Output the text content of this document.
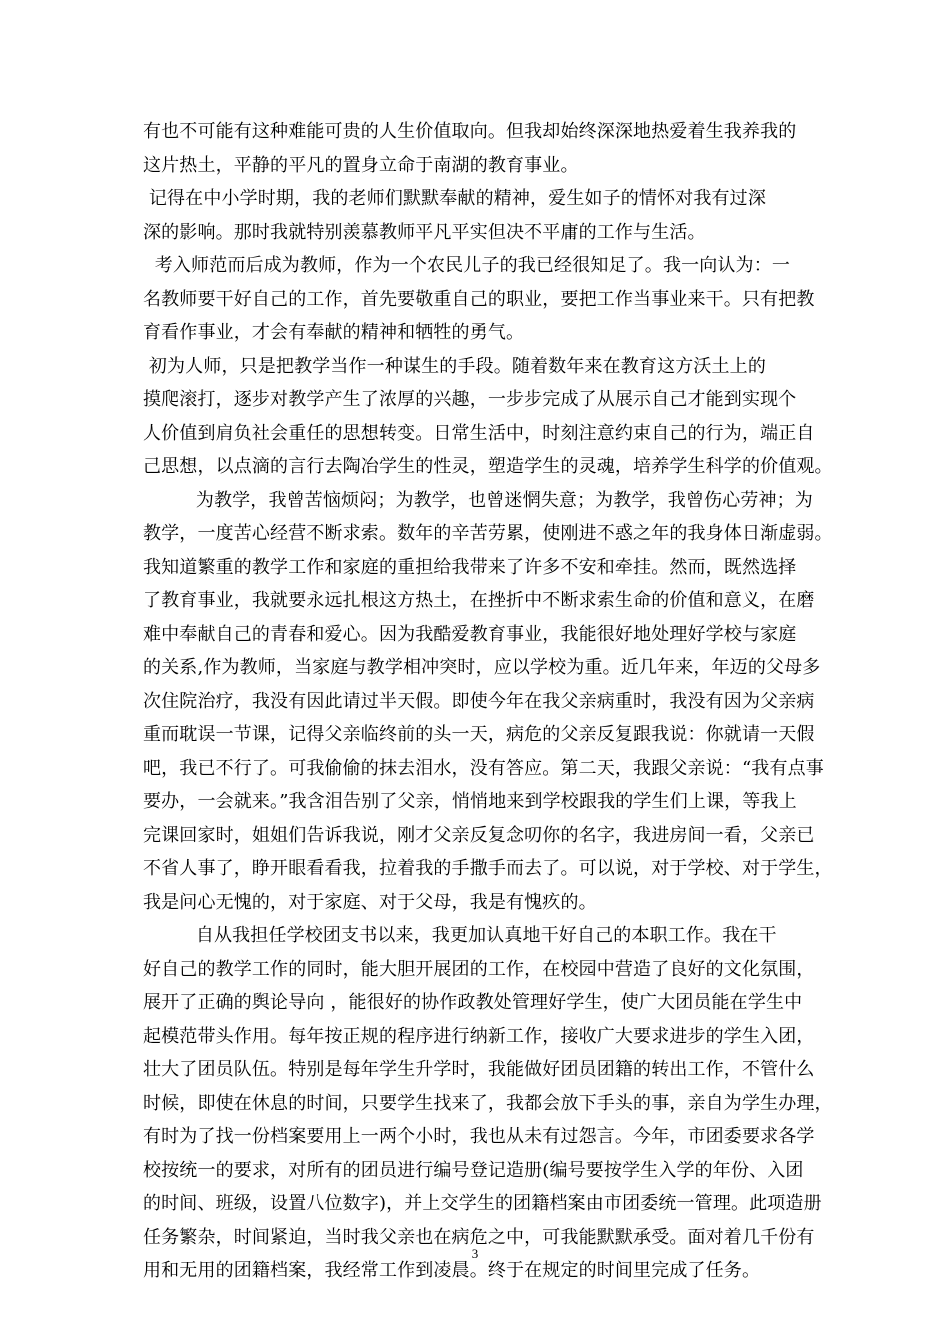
有也不可能有这种难能可贵的人生价值取向。但我却始终深深地热爱着生我养我的
这片热土，平静的平凡的置身立命于南湖的教育事业。
记得在中小学时期，我的老师们默默奉献的精神，爱生如子的情怀对我有过深
深的影响。那时我就特别羡慕教师平凡平实但决不平庸的工作与生活。
考入师范而后成为教师，作为一个农民儿子的我已经很知足了。我一向认为：一
名教师要干好自己的工作，首先要敬重自己的职业，要把工作当事业来干。只有把教
育看作事业，才会有奉献的精神和牺牲的勇气。
初为人师，只是把教学当作一种谋生的手段。随着数年来在教育这方沃土上的
摸爬滚打，逐步对教学产生了浓厚的兴趣，一步步完成了从展示自己才能到实现个
人价值到肩负社会重任的思想转变。日常生活中，时刻注意约束自己的行为，端正自
己思想，以点滴的言行去陶冶学生的性灵，塑造学生的灵魂，培养学生科学的价值观。
为教学，我曾苦恼烦闷；为教学，也曾迷惘失意；为教学，我曾伤心劳神；为
教学，一度苦心经营不断求索。数年的辛苦劳累，使刚进不惑之年的我身体日渐虚弱。
我知道繁重的教学工作和家庭的重担给我带来了许多不安和牵挂。然而，既然选择
了教育事业，我就要永远扎根这方热土，在挫折中不断求索生命的价值和意义，在磨
难中奉献自己的青春和爱心。因为我酷爱教育事业，我能很好地处理好学校与家庭
的关系,作为教师，当家庭与教学相冲突时，应以学校为重。近几年来，年迈的父母多
次住院治疗，我没有因此请过半天假。即使今年在我父亲病重时，我没有因为父亲病
重而耽误一节课，记得父亲临终前的头一天，病危的父亲反复跟我说：你就请一天假
吧，我已不行了。可我偷偷的抹去泪水，没有答应。第二天，我跟父亲说：“我有点事
要办，一会就来。”我含泪告别了父亲，悄悄地来到学校跟我的学生们上课，等我上
完课回家时，姐姐们告诉我说，刚才父亲反复念叨你的名字，我进房间一看，父亲已
不省人事了，睁开眼看看我，拉着我的手撒手而去了。可以说，对于学校、对于学生，
我是问心无愧的，对于家庭、对于父母，我是有愧疚的。
自从我担任学校团支书以来，我更加认真地干好自己的本职工作。我在干
好自己的教学工作的同时，能大胆开展团的工作，在校园中营造了良好的文化氛围，
展开了正确的舆论导向 ，能很好的协作政教处管理好学生，使广大团员能在学生中
起模范带头作用。每年按正规的程序进行纳新工作，接收广大要求进步的学生入团，
壮大了团员队伍。特别是每年学生升学时，我能做好团员团籍的转出工作，不管什么
时候，即使在休息的时间，只要学生找来了，我都会放下手头的事，亲自为学生办理，
有时为了找一份档案要用上一两个小时，我也从未有过怨言。今年，市团委要求各学
校按统一的要求，对所有的团员进行编号登记造册(编号要按学生入学的年份、入团
的时间、班级，设置八位数字)，并上交学生的团籍档案由市团委统一管理。此项造册
任务繁杂，时间紧迫，当时我父亲也在病危之中，可我能默默承受。面对着几千份有
用和无用的团籍档案，我经常工作到凌晨。终于在规定的时间里完成了任务。
3
